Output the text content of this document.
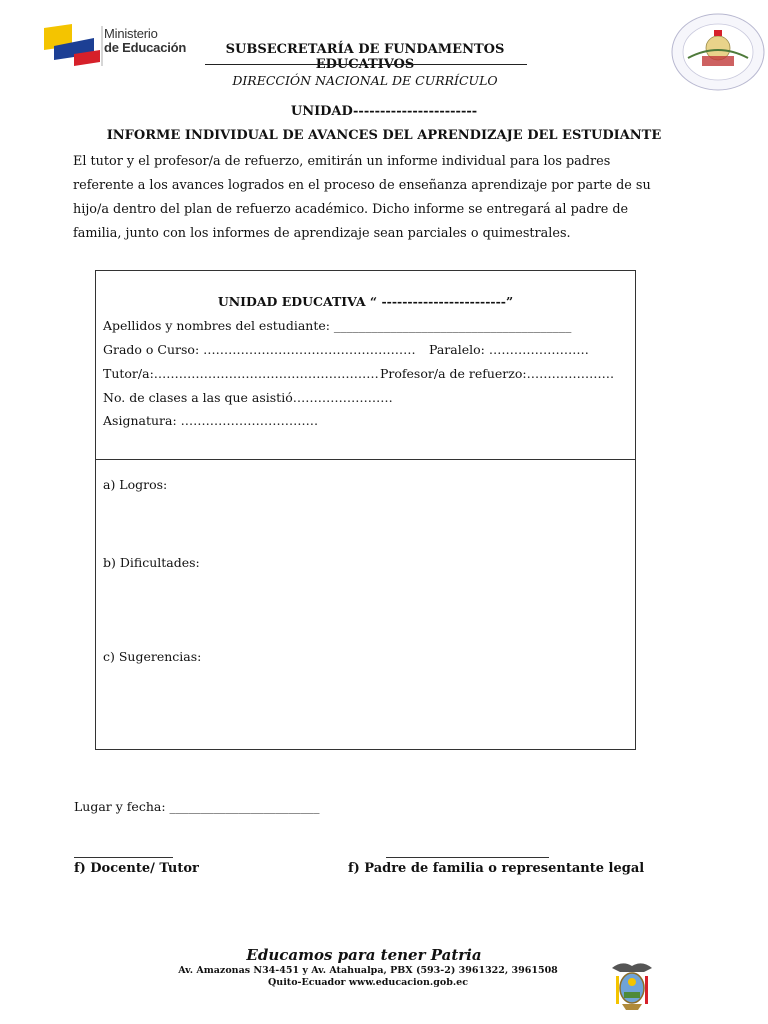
Ministerio
de Educación	SUBSECRETARÍA DE FUNDAMENTOS EDUCATIVOS
DIRECCIÓN NACIONAL DE CURRÍCULO
UNIDAD-----------------------
INFORME INDIVIDUAL DE AVANCES DEL APRENDIZAJE DEL ESTUDIANTE
El tutor y el profesor/a de refuerzo, emitirán un informe individual para los padres referente a los avances logrados en el proceso de enseñanza aprendizaje por parte de su hijo/a dentro del plan de refuerzo académico. Dicho informe se entregará al padre de familia, junto con los informes de aprendizaje sean parciales o quimestrales.
UNIDAD EDUCATIVA “ ------------------------”
Apellidos y nombres del estudiante: ______________________________________
Grado o Curso: …………………………………………… Paralelo: ……………………
Tutor/a:……………………………………………… Profesor/a de refuerzo:…………………
No. de clases a las que asistió……………………
Asignatura: ……………………………
a) Logros:
b) Dificultades:
c) Sugerencias:
Lugar y fecha: ________________________
f) Docente/ Tutor	f) Padre de familia o representante legal
Educamos para tener Patria
Av. Amazonas N34-451 y Av. Atahualpa, PBX (593-2) 3961322, 3961508
Quito-Ecuador www.educacion.gob.ec
